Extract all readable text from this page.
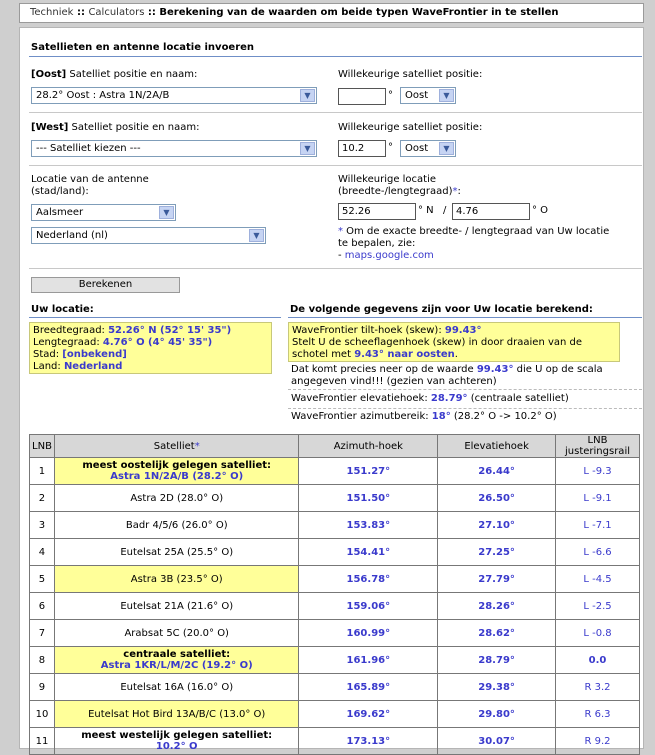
Techniek :: Calculators :: Berekening van de waarden om beide typen WaveFrontier in te stellen
Satellieten en antenne locatie invoeren
[Oost] Satelliet positie en naam:
28.2° Oost : Astra 1N/2A/B	▼
Willekeurige satelliet positie:
°	Oost	▼
[West] Satelliet positie en naam:
--- Satelliet kiezen ---	▼
Willekeurige satelliet positie:
10.2	°	Oost	▼
Locatie van de antenne
(stad/land):
Aalsmeer	▼
Nederland (nl)	▼
Willekeurige locatie
(breedte-/lengtegraad)*:
52.26	° N / 4.76	° O
* Om de exacte breedte- / lengtegraad van Uw locatie
te bepalen, zie:
- maps.google.com
Berekenen
Uw locatie:
Breedtegraad: 52.26° N (52° 15' 35")
Lengtegraad: 4.76° O (4° 45' 35")
Stad: [onbekend]
Land: Nederland
De volgende gegevens zijn voor Uw locatie berekend:
WaveFrontier tilt-hoek (skew): 99.43°
Stelt U de scheeflagenhoek (skew) in door draaien van de
schotel met 9.43° naar oosten.
Dat komt precies neer op de waarde 99.43° die U op de scala
angegeven vind!!! (gezien van achteren)
WaveFrontier elevatiehoek: 28.79° (centraale satelliet)
WaveFrontier azimutbereik: 18° (28.2° O -> 10.2° O)
LNB	Satelliet*	Azimuth-hoek	Elevatiehoek	LNB justeringsrail
1	meest oostelijk gelegen satelliet:
Astra 1N/2A/B (28.2° O)	151.27°	26.44°	L -9.3
2	Astra 2D (28.0° O)	151.50°	26.50°	L -9.1
3	Badr 4/5/6 (26.0° O)	153.83°	27.10°	L -7.1
4	Eutelsat 25A (25.5° O)	154.41°	27.25°	L -6.6
5	Astra 3B (23.5° O)	156.78°	27.79°	L -4.5
6	Eutelsat 21A (21.6° O)	159.06°	28.26°	L -2.5
7	Arabsat 5C (20.0° O)	160.99°	28.62°	L -0.8
8	centraale satelliet:
Astra 1KR/L/M/2C (19.2° O)	161.96°	28.79°	0.0
9	Eutelsat 16A (16.0° O)	165.89°	29.38°	R 3.2
10	Eutelsat Hot Bird 13A/B/C (13.0° O)	169.62°	29.80°	R 6.3
11	meest westelijk gelegen satelliet:
10.2° O	173.13°	30.07°	R 9.2
